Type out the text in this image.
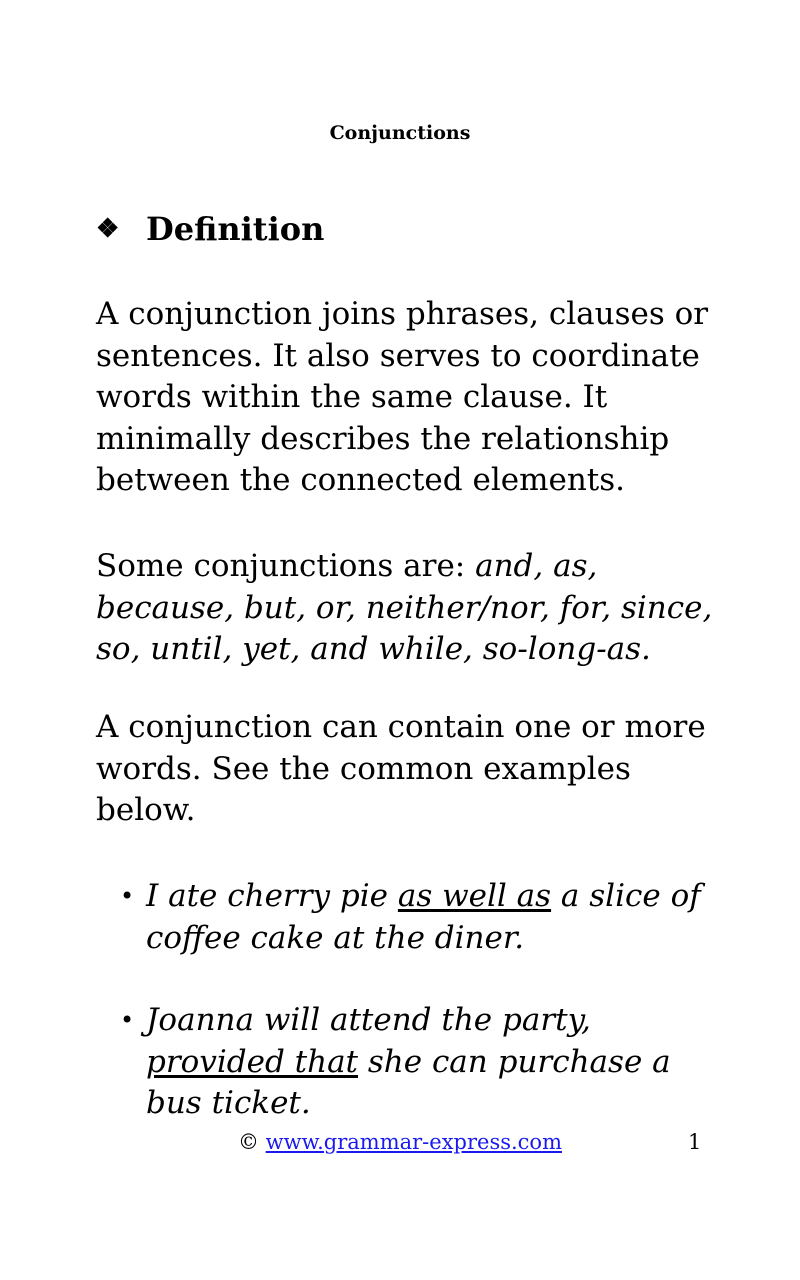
Conjunctions
❖ Definition
A conjunction joins phrases, clauses or sentences. It also serves to coordinate words within the same clause. It minimally describes the relationship between the connected elements.
Some conjunctions are: and, as, because, but, or, neither/nor, for, since, so, until, yet, and while, so-long-as.
A conjunction can contain one or more words. See the common examples below.
• I ate cherry pie as well as a slice of coffee cake at the diner.
• Joanna will attend the party, provided that she can purchase a bus ticket.
© www.grammar-express.com	1
